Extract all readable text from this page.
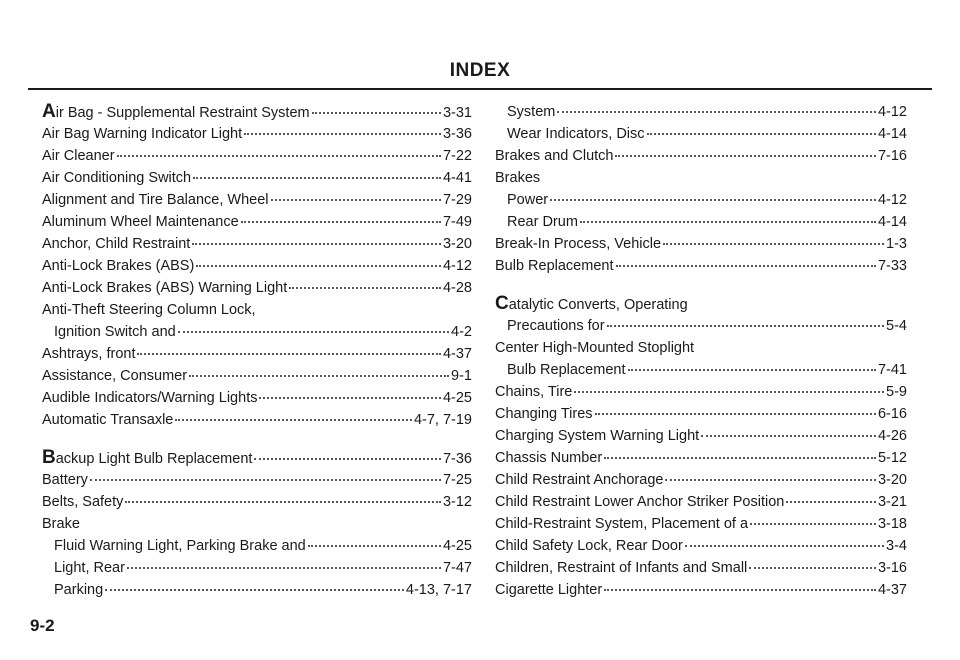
INDEX
Air Bag - Supplemental Restraint System	3-31
Air Bag Warning Indicator Light	3-36
Air Cleaner	7-22
Air Conditioning Switch	4-41
Alignment and Tire Balance, Wheel	7-29
Aluminum Wheel Maintenance	7-49
Anchor, Child Restraint	3-20
Anti-Lock Brakes (ABS)	4-12
Anti-Lock Brakes (ABS) Warning Light	4-28
Anti-Theft Steering Column Lock,
Ignition Switch and	4-2
Ashtrays, front	4-37
Assistance, Consumer	9-1
Audible Indicators/Warning Lights	4-25
Automatic Transaxle	4-7, 7-19
Backup Light Bulb Replacement	7-36
Battery	7-25
Belts, Safety	3-12
Brake
Fluid Warning Light, Parking Brake and	4-25
Light, Rear	7-47
Parking	4-13, 7-17
System	4-12
Wear Indicators, Disc	4-14
Brakes and Clutch	7-16
Brakes
Power	4-12
Rear Drum	4-14
Break-In Process, Vehicle	1-3
Bulb Replacement	7-33
Catalytic Converts, Operating
Precautions for	5-4
Center High-Mounted Stoplight
Bulb Replacement	7-41
Chains, Tire	5-9
Changing Tires	6-16
Charging System Warning Light	4-26
Chassis Number	5-12
Child Restraint Anchorage	3-20
Child Restraint Lower Anchor Striker Position	3-21
Child-Restraint System, Placement of a	3-18
Child Safety Lock, Rear Door	3-4
Children, Restraint of Infants and Small	3-16
Cigarette Lighter	4-37
9-2
